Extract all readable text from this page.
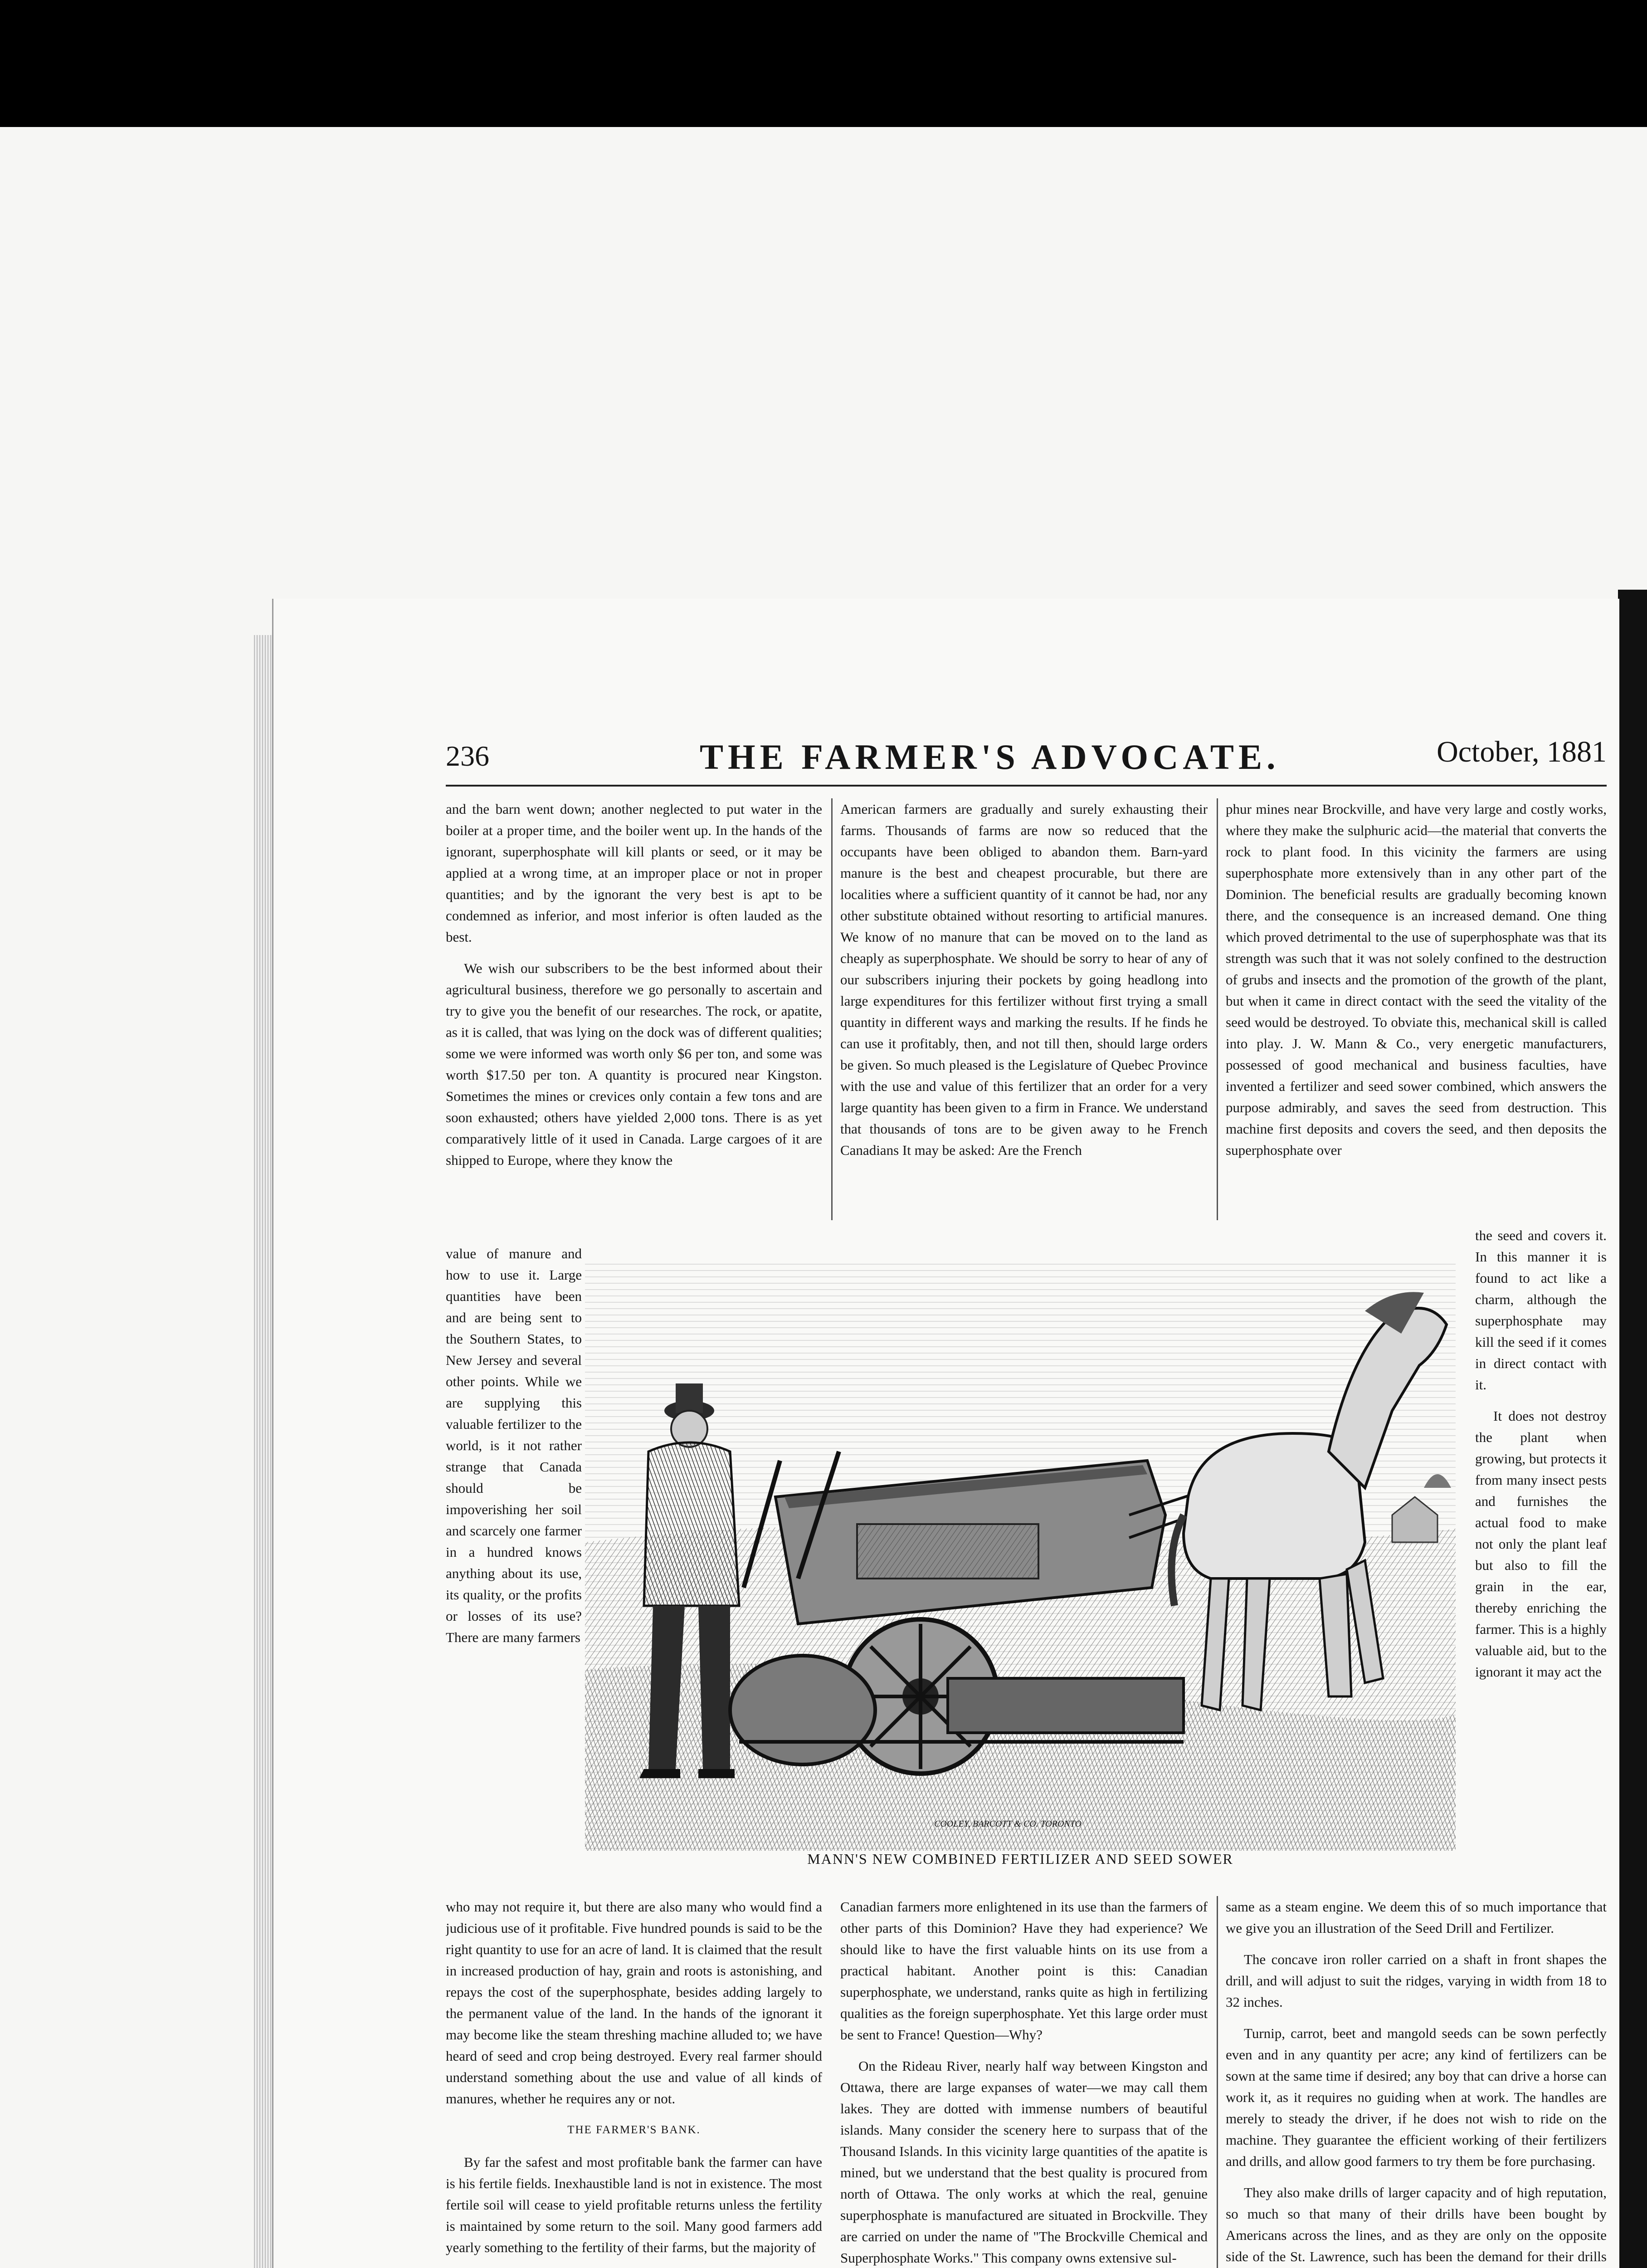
236	THE FARMER'S ADVOCATE.	October, 1881

and the barn went down; another neglected to put water in the boiler at a proper time, and the boiler went up. In the hands of the ignorant, superphosphate will kill plants or seed, or it may be applied at a wrong time, at an improper place or not in proper quantities; and by the ignorant the very best is apt to be condemned as inferior, and most inferior is often lauded as the best.

We wish our subscribers to be the best informed about their agricultural business, therefore we go personally to ascertain and try to give you the benefit of our researches. The rock, or apatite, as it is called, that was lying on the dock was of different qualities; some we were informed was worth only $6 per ton, and some was worth $17.50 per ton. A quantity is procured near Kingston. Sometimes the mines or crevices only contain a few tons and are soon exhausted; others have yielded 2,000 tons. There is as yet comparatively little of it used in Canada. Large cargoes of it are shipped to Europe, where they know the

value of manure and how to use it. Large quantities have been and are being sent to the Southern States, to New Jersey and several other points. While we are supplying this valuable fertilizer to the world, is it not rather strange that Canada should be impoverishing her soil and scarcely one farmer in a hundred knows anything about its use, its quality, or the profits or losses of its use? There are many farmers

who may not require it, but there are also many who would find a judicious use of it profitable. Five hundred pounds is said to be the right quantity to use for an acre of land. It is claimed that the result in increased production of hay, grain and roots is astonishing, and repays the cost of the superphosphate, besides adding largely to the permanent value of the land. In the hands of the ignorant it may become like the steam threshing machine alluded to; we have heard of seed and crop being destroyed. Every real farmer should understand something about the use and value of all kinds of manures, whether he requires any or not.

THE FARMER'S BANK.

By far the safest and most profitable bank the farmer can have is his fertile fields. Inexhaustible land is not in existence. The most fertile soil will cease to yield profitable returns unless the fertility is maintained by some return to the soil. Many good farmers add yearly something to the fertility of their farms, but the majority of

American farmers are gradually and surely exhausting their farms. Thousands of farms are now so reduced that the occupants have been obliged to abandon them. Barn-yard manure is the best and cheapest procurable, but there are localities where a sufficient quantity of it cannot be had, nor any other substitute obtained without resorting to artificial manures. We know of no manure that can be moved on to the land as cheaply as superphosphate. We should be sorry to hear of any of our subscribers injuring their pockets by going headlong into large expenditures for this fertilizer without first trying a small quantity in different ways and marking the results. If he finds he can use it profitably, then, and not till then, should large orders be given. So much pleased is the Legislature of Quebec Province with the use and value of this fertilizer that an order for a very large quantity has been given to a firm in France. We understand that thousands of tons are to be given away to he French Canadians It may be asked: Are the French

phur mines near Brockville, and have very large and costly works, where they make the sulphuric acid—the material that converts the rock to plant food. In this vicinity the farmers are using superphosphate more extensively than in any other part of the Dominion. The beneficial results are gradually becoming known there, and the consequence is an increased demand. One thing which proved detrimental to the use of superphosphate was that its strength was such that it was not solely confined to the destruction of grubs and insects and the promotion of the growth of the plant, but when it came in direct contact with the seed the vitality of the seed would be destroyed. To obviate this, mechanical skill is called into play. J. W. Mann & Co., very energetic manufacturers, possessed of good mechanical and business faculties, have invented a fertilizer and seed sower combined, which answers the purpose admirably, and saves the seed from destruction. This machine first deposits and covers the seed, and then deposits the superphosphate over

the seed and covers it. In this manner it is found to act like a charm, although the superphosphate may kill the seed if it comes in direct contact with it.

It does not destroy the plant when growing, but protects it from many insect pests and furnishes the actual food to make not only the plant leaf but also to fill the grain in the ear, thereby enriching the farmer. This is a highly valuable aid, but to the ignorant it may act the

Canadian farmers more enlightened in its use than the farmers of other parts of this Dominion? Have they had experience? We should like to have the first valuable hints on its use from a practical habitant. Another point is this: Canadian superphosphate, we understand, ranks quite as high in fertilizing qualities as the foreign superphosphate. Yet this large order must be sent to France! Question—Why?

On the Rideau River, nearly half way between Kingston and Ottawa, there are large expanses of water—we may call them lakes. They are dotted with immense numbers of beautiful islands. Many consider the scenery here to surpass that of the Thousand Islands. In this vicinity large quantities of the apatite is mined, but we understand that the best quality is procured from north of Ottawa. The only works at which the real, genuine superphosphate is manufactured are situated in Brockville. They are carried on under the name of "The Brockville Chemical and Superphosphate Works." This company owns extensive sul-

same as a steam engine. We deem this of so much importance that we give you an illustration of the Seed Drill and Fertilizer.

The concave iron roller carried on a shaft in front shapes the drill, and will adjust to suit the ridges, varying in width from 18 to 32 inches.

Turnip, carrot, beet and mangold seeds can be sown perfectly even and in any quantity per acre; any kind of fertilizers can be sown at the same time if desired; any boy that can drive a horse can work it, as it requires no guiding when at work. The handles are merely to steady the driver, if he does not wish to ride on the machine. They guarantee the efficient working of their fertilizers and drills, and allow good farmers to try them be fore purchasing.

They also make drills of larger capacity and of high reputation, so much so that many of their drills have been bought by Americans across the lines, and as they are only on the opposite side of the St. Lawrence, such has been the demand for their drills

COOLEY, BARCOTT & CO. TORONTO
MANN'S NEW COMBINED FERTILIZER AND SEED SOWER
